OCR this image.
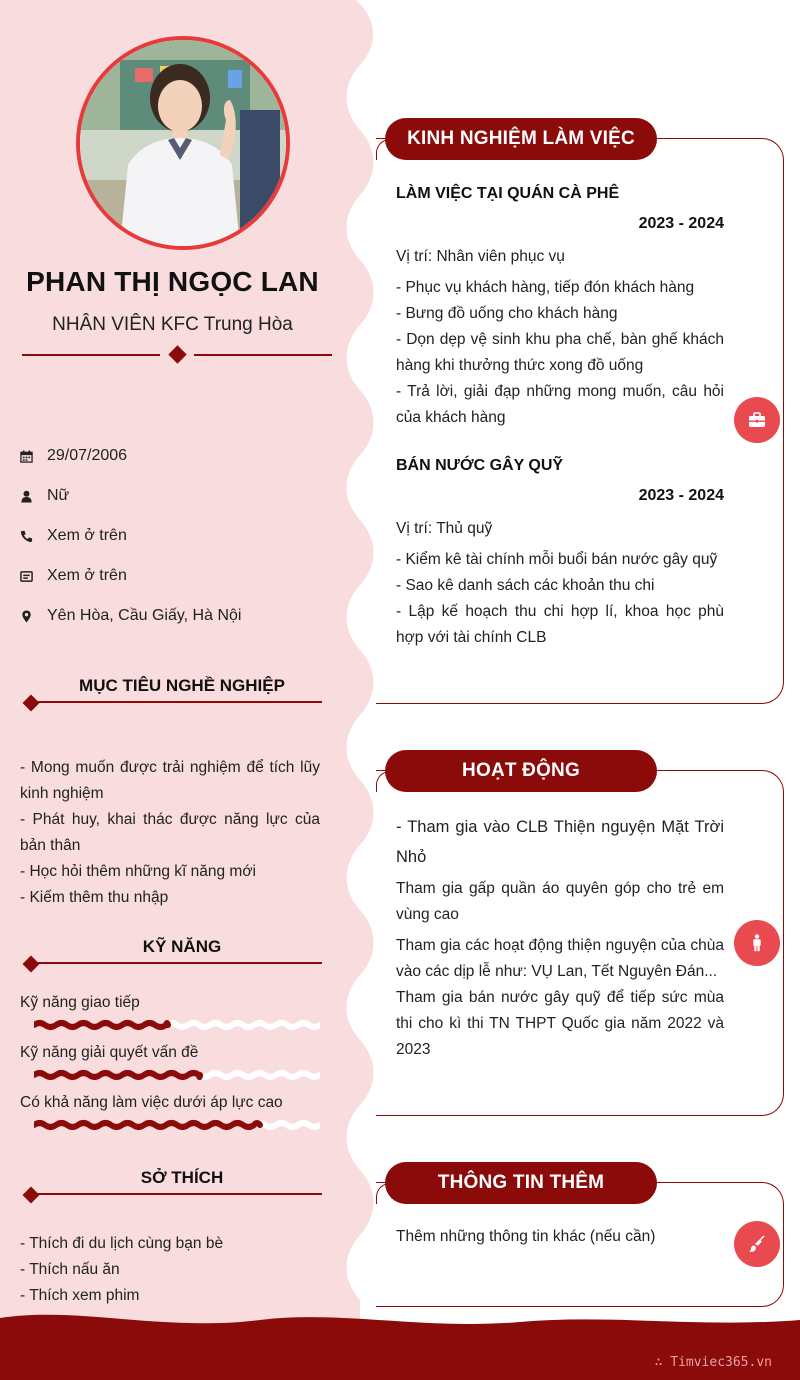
PHAN THỊ NGỌC LAN
NHÂN VIÊN KFC Trung Hòa
29/07/2006
Nữ
Xem ở trên
Xem ở trên
Yên Hòa, Cầu Giấy, Hà Nội
MỤC TIÊU NGHỀ NGHIỆP
- Mong muốn được trải nghiệm để tích lũy kinh nghiệm
- Phát huy, khai thác được năng lực của bản thân
- Học hỏi thêm những kĩ năng mới
- Kiếm thêm thu nhập
KỸ NĂNG
Kỹ năng giao tiếp
Kỹ năng giải quyết vấn đề
Có khả năng làm việc dưới áp lực cao
SỞ THÍCH
- Thích đi du lịch cùng bạn bè
- Thích nấu ăn
- Thích xem phim
KINH NGHIỆM LÀM VIỆC
LÀM VIỆC TẠI QUÁN CÀ PHÊ
2023 - 2024
Vị trí: Nhân viên phục vụ
- Phục vụ khách hàng, tiếp đón khách hàng
- Bưng đồ uống cho khách hàng
- Dọn dẹp vệ sinh khu pha chế, bàn ghế khách hàng khi thưởng thức xong đồ uống
- Trả lời, giải đạp những mong muốn, câu hỏi của khách hàng
BÁN NƯỚC GÂY QUỸ
2023 - 2024
Vị trí: Thủ quỹ
- Kiểm kê tài chính mỗi buổi bán nước gây quỹ
- Sao kê danh sách các khoản thu chi
- Lập kế hoạch thu chi hợp lí, khoa học phù hợp với tài chính CLB
HOẠT ĐỘNG
- Tham gia vào CLB Thiện nguyện Mặt Trời Nhỏ
Tham gia gấp quần áo quyên góp cho trẻ em vùng cao
Tham gia các hoạt động thiện nguyện của chùa vào các dịp lễ như: VỤ Lan, Tết Nguyên Đán...
Tham gia bán nước gây quỹ để tiếp sức mùa thi cho kì thi TN THPT Quốc gia năm 2022 và 2023
THÔNG TIN THÊM
Thêm những thông tin khác (nếu cần)
∴ Timviec365.vn
